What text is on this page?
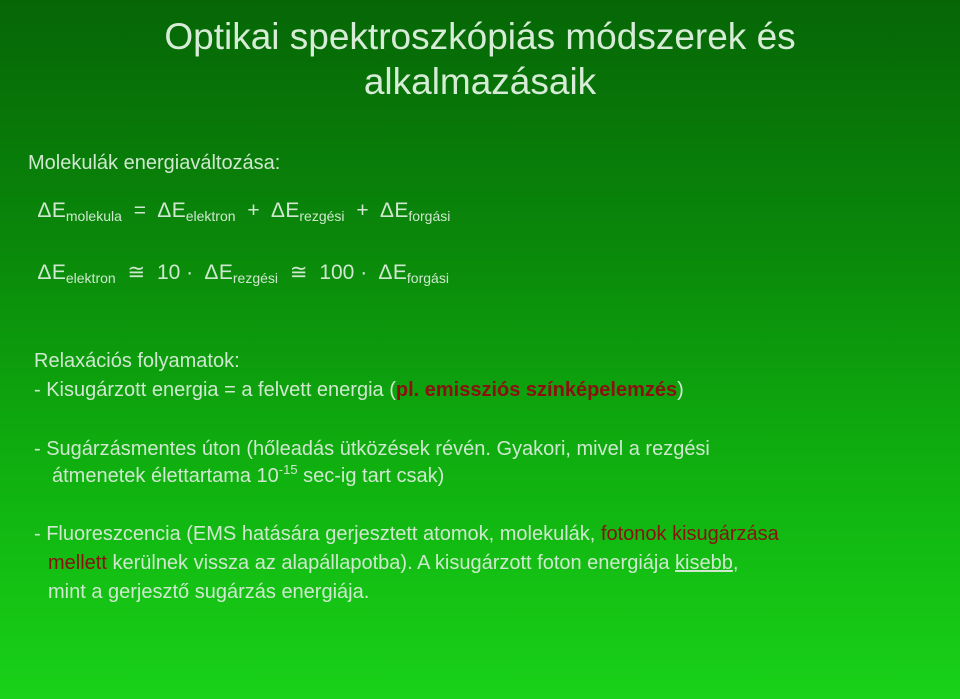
Optikai spektroszkópiás módszerek és
alkalmazásaik
Molekulák energiaváltozása:
$\Delta E_{molekula} = \Delta E_{elektron} + \Delta E_{rezgési} + \Delta E_{forgási}$
$\Delta E_{elektron}$ ≅ $10 \cdot \Delta E_{rezgési}$ ≅ $100 \cdot \Delta E_{forgási}$
Relaxációs folyamatok:
- Kisugárzott energia = a felvett energia (pl. emissziós színképelemzés)
- Sugárzásmentes úton (hőleadás ütközések révén. Gyakori, mivel a rezgési
átmenetek élettartama $10^{-15}$ sec-ig tart csak)
- Fluoreszcencia (EMS hatására gerjesztett atomok, molekulák, fotonok kisugárzása
mellett kerülnek vissza az alapállapotba). A kisugárzott foton energiája kisebb,
mint a gerjesztő sugárzás energiája.
